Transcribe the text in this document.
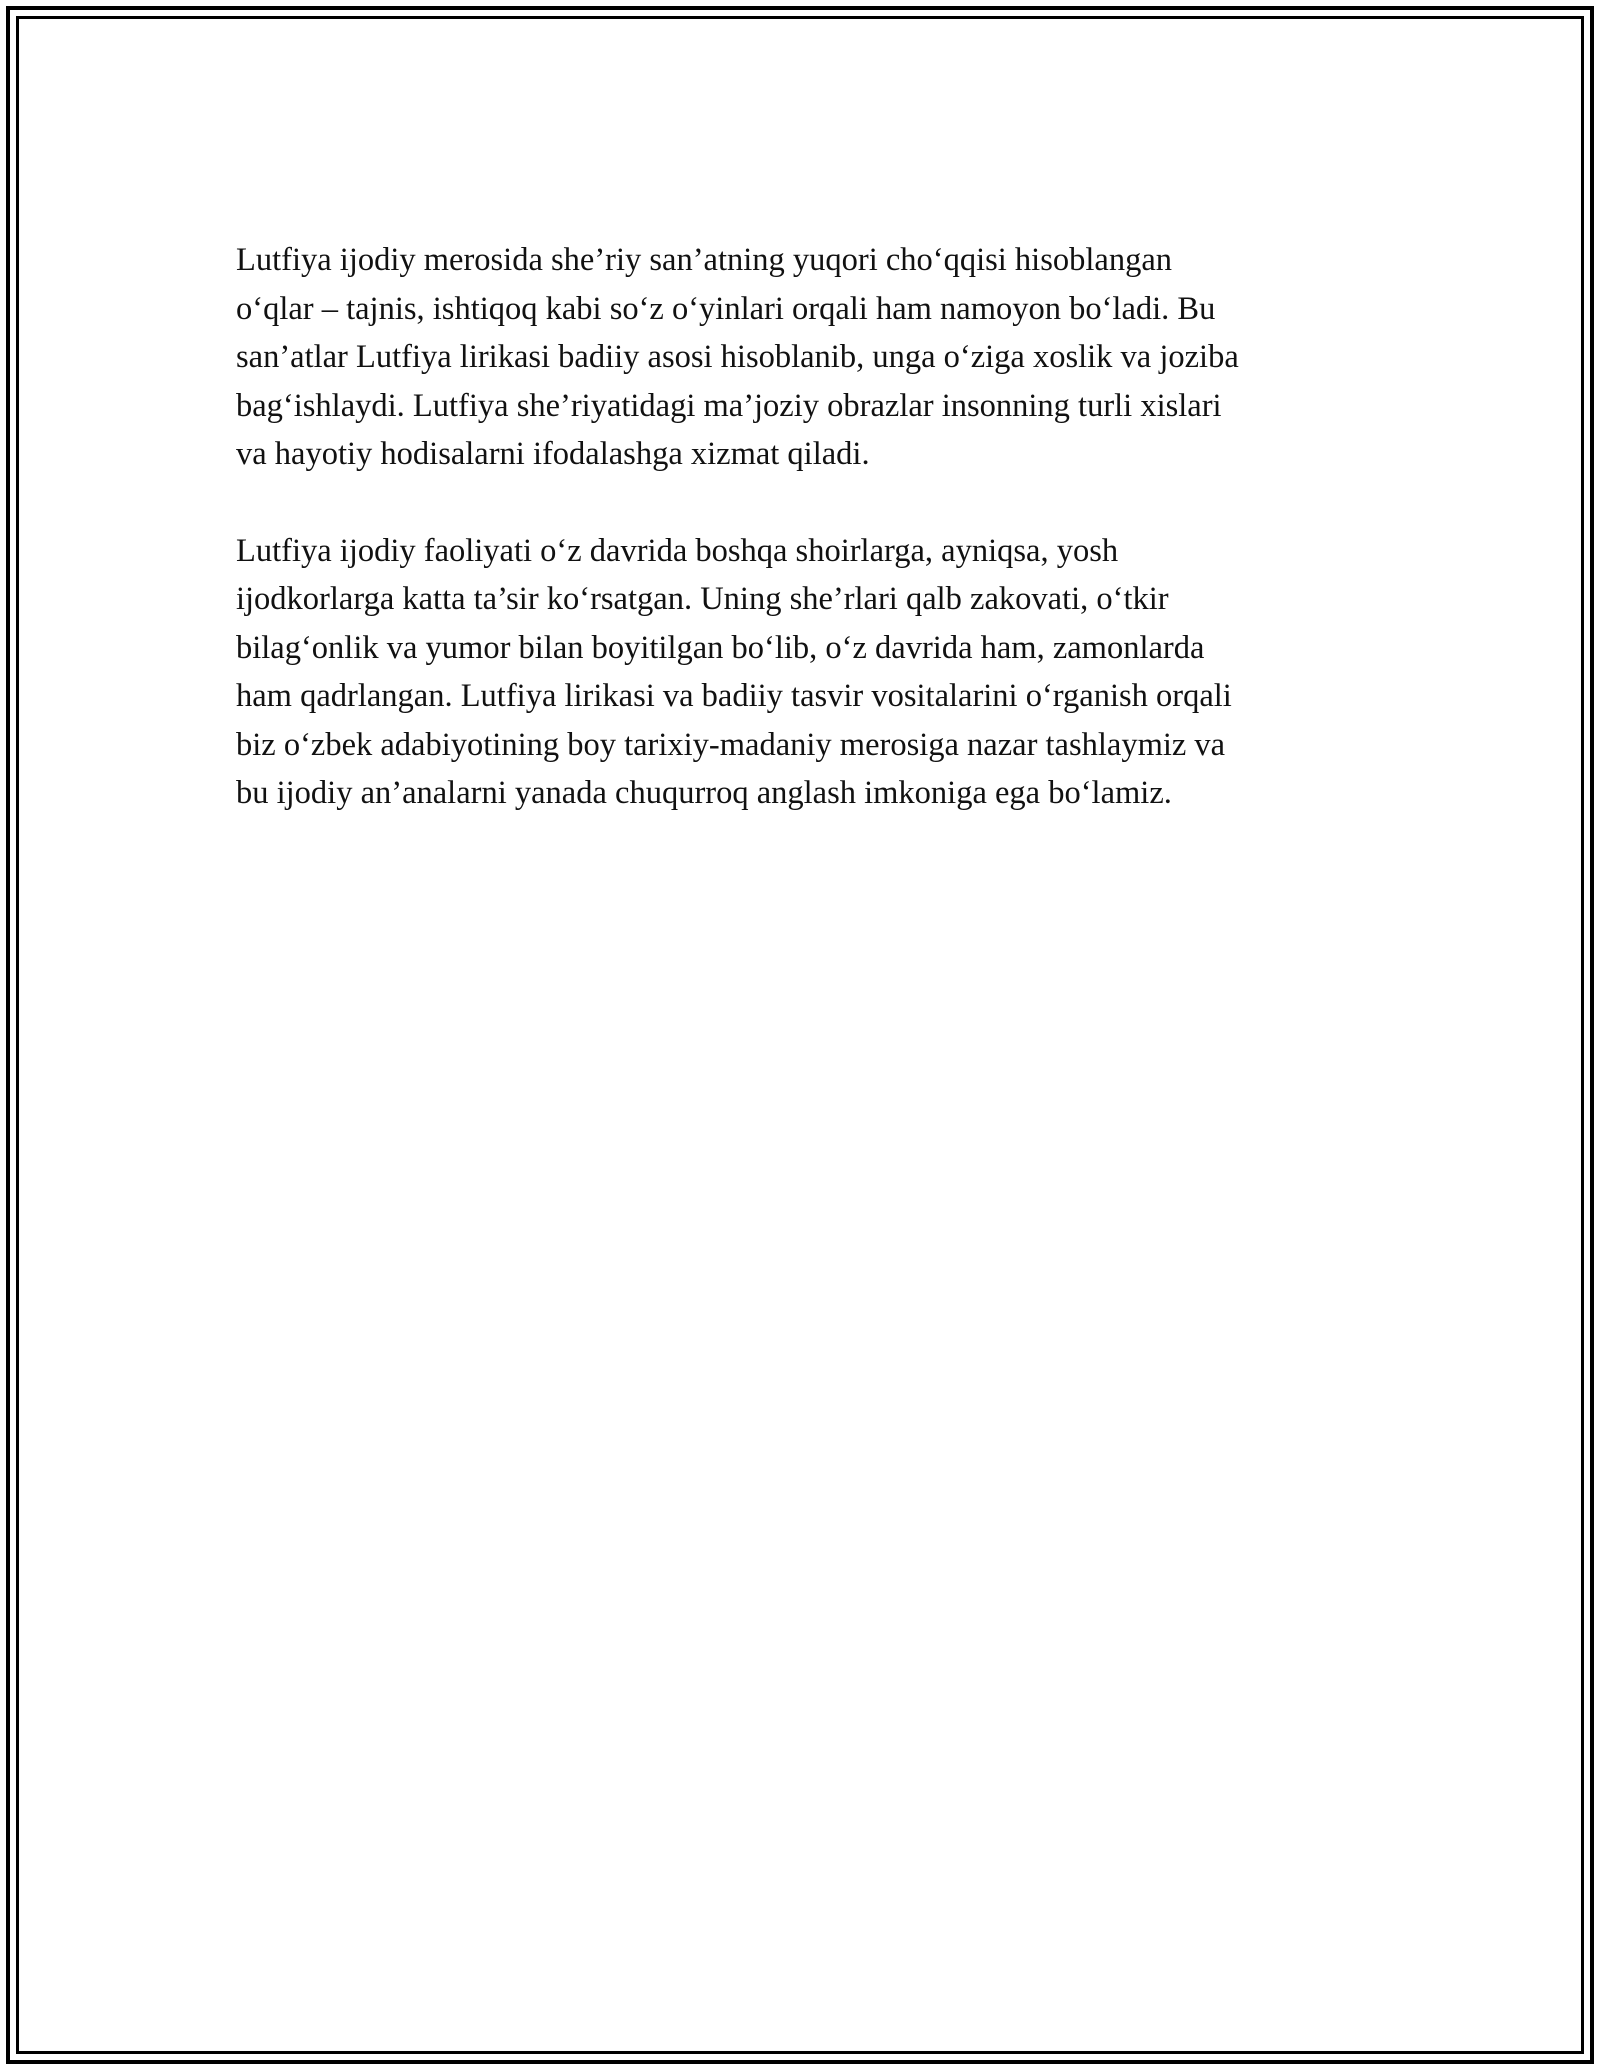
Lutfiya ijodiy merosida she’riy san’atning yuqori cho‘qqisi hisoblangan
o‘qlar – tajnis, ishtiqoq kabi so‘z o‘yinlari orqali ham namoyon bo‘ladi. Bu
san’atlar Lutfiya lirikasi badiiy asosi hisoblanib, unga o‘ziga xoslik va joziba
bag‘ishlaydi. Lutfiya she’riyatidagi ma’joziy obrazlar insonning turli xislari
va hayotiy hodisalarni ifodalashga xizmat qiladi.

Lutfiya ijodiy faoliyati o‘z davrida boshqa shoirlarga, ayniqsa, yosh
ijodkorlarga katta ta’sir ko‘rsatgan. Uning she’rlari qalb zakovati, o‘tkir
bilag‘onlik va yumor bilan boyitilgan bo‘lib, o‘z davrida ham, zamonlarda
ham qadrlangan. Lutfiya lirikasi va badiiy tasvir vositalarini o‘rganish orqali
biz o‘zbek adabiyotining boy tarixiy-madaniy merosiga nazar tashlaymiz va
bu ijodiy an’analarni yanada chuqurroq anglash imkoniga ega bo‘lamiz.
